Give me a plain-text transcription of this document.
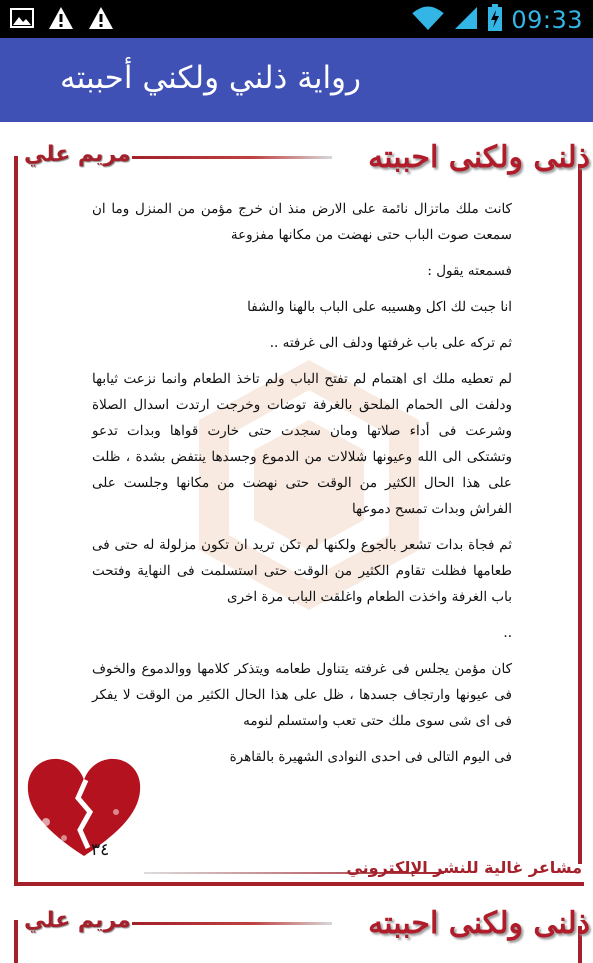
09:33
رواية ذلني ولكني أحببته
مريم علي	ذلنى ولكنى احببته

كانت ملك ماتزال نائمة على الارض منذ ان خرج مؤمن من المنزل وما ان سمعت صوت الباب حتى نهضت من مكانها مفزوعة

فسمعته يقول :

انا جبت لك اكل وهسيبه على الباب بالهنا والشفا

ثم تركه على باب غرفتها ودلف الى غرفته ..

لم تعطيه ملك اى اهتمام لم تفتح الباب ولم تاخذ الطعام وانما نزعت ثيابها ودلفت الى الحمام الملحق بالغرفة توضات وخرجت ارتدت اسدال الصلاة وشرعت فى أداء صلاتها ومان سجدت حتى خارت قواها وبدات تدعو وتشتكى الى الله وعيونها شلالات من الدموع وجسدها ينتفض بشدة ، ظلت على هذا الحال الكثير من الوقت حتى نهضت من مكانها وجلست على الفراش وبدات تمسح دموعها

ثم فجاة بدات تشعر بالجوع ولكنها لم تكن تريد ان تكون مزلولة له حتى فى طعامها فظلت تقاوم الكثير من الوقت حتى استسلمت فى النهاية وفتحت باب الغرفة واخذت الطعام واغلقت الباب مرة اخرى

..

كان مؤمن يجلس فى غرفته يتناول طعامه ويتذكر كلامها ووالدموع والخوف فى عيونها وارتجاف جسدها ، ظل على هذا الحال الكثير من الوقت لا يفكر فى اى شى سوى ملك حتى تعب واستسلم لنومه

فى اليوم التالى فى احدى النوادى الشهيرة بالقاهرة

٣٤
مشاعر غالية للنشر الإلكتروني
مريم علي	ذلنى ولكنى احببته
